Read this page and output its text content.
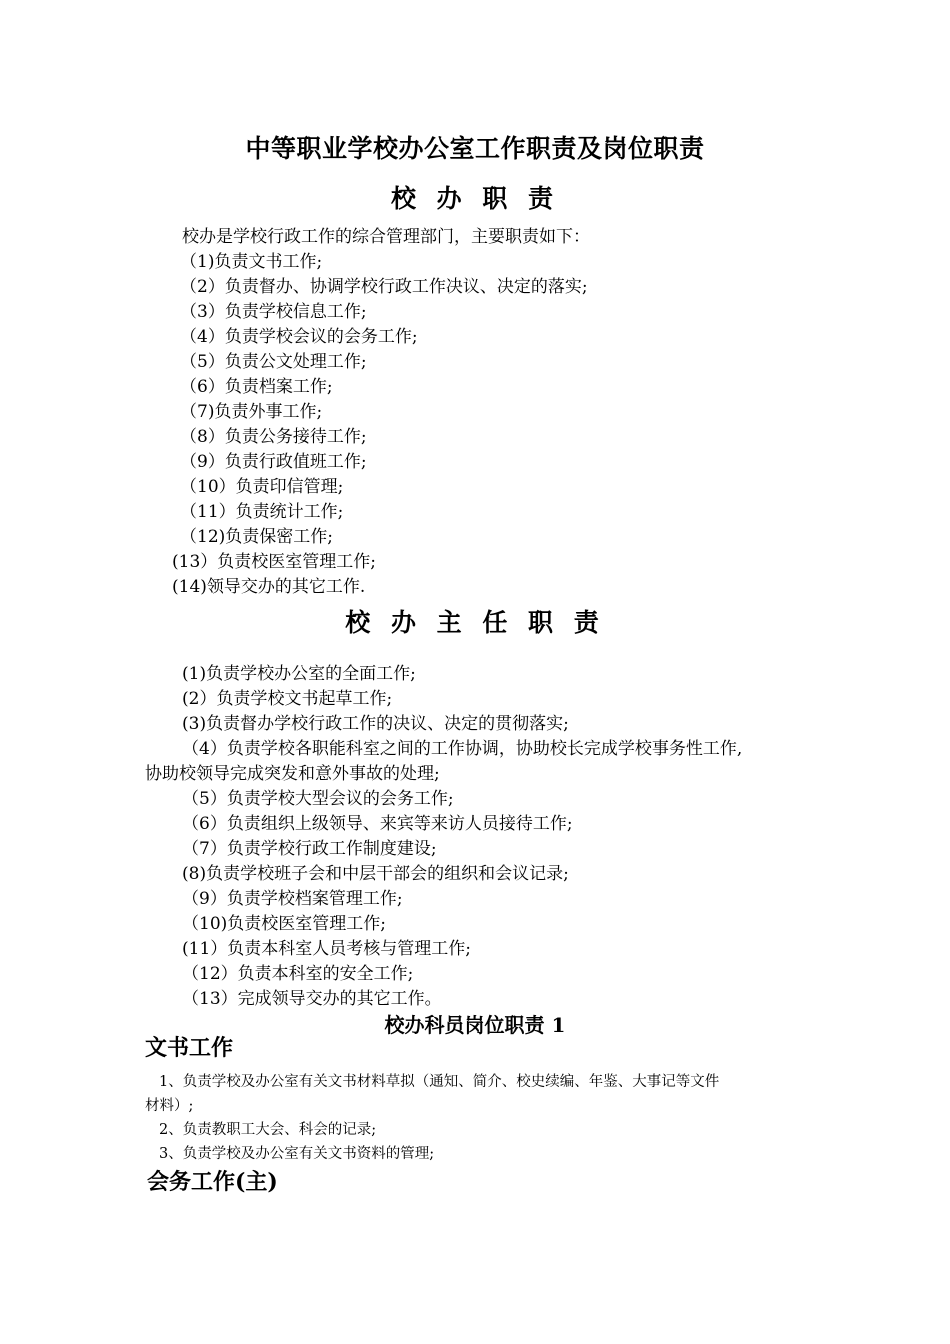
中等职业学校办公室工作职责及岗位职责
校 办 职 责
校办是学校行政工作的综合管理部门，主要职责如下：
（1)负责文书工作;
（2）负责督办、协调学校行政工作决议、决定的落实;
（3）负责学校信息工作;
（4）负责学校会议的会务工作;
（5）负责公文处理工作;
（6）负责档案工作;
（7)负责外事工作;
（8）负责公务接待工作;
（9）负责行政值班工作;
（10）负责印信管理;
（11）负责统计工作;
（12)负责保密工作;
(13）负责校医室管理工作;
(14)领导交办的其它工作.
校 办 主 任 职 责
(1)负责学校办公室的全面工作;
(2）负责学校文书起草工作;
(3)负责督办学校行政工作的决议、决定的贯彻落实;
（4）负责学校各职能科室之间的工作协调，协助校长完成学校事务性工作,
协助校领导完成突发和意外事故的处理;
（5）负责学校大型会议的会务工作;
（6）负责组织上级领导、来宾等来访人员接待工作;
（7）负责学校行政工作制度建设;
(8)负责学校班子会和中层干部会的组织和会议记录;
（9）负责学校档案管理工作;
（10)负责校医室管理工作;
(11）负责本科室人员考核与管理工作;
（12）负责本科室的安全工作;
（13）完成领导交办的其它工作。
校办科员岗位职责 1
文书工作
1、负责学校及办公室有关文书材料草拟（通知、简介、校史续编、年鉴、大事记等文件
材料）;
2、负责教职工大会、科会的记录;
3、负责学校及办公室有关文书资料的管理;
会务工作(主)
